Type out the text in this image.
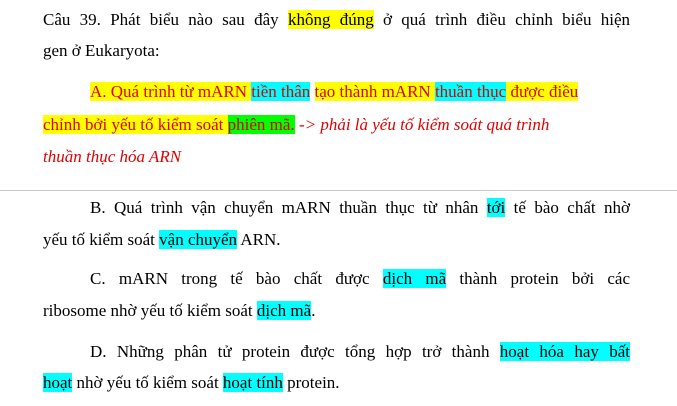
Câu 39. Phát biểu nào sau đây không đúng ở quá trình điều chỉnh biểu hiện
gen ở Eukaryota:
A. Quá trình từ mARN tiền thân tạo thành mARN thuần thục được điều
chỉnh bởi yếu tố kiểm soát phiên mã. -> phải là yếu tố kiểm soát quá trình
thuần thục hóa ARN
B. Quá trình vận chuyển mARN thuần thục từ nhân tới tế bào chất nhờ
yếu tố kiểm soát vận chuyển ARN.
C. mARN trong tế bào chất được dịch mã thành protein bởi các
ribosome nhờ yếu tố kiểm soát dịch mã.
D. Những phân tử protein được tổng hợp trở thành hoạt hóa hay bất
hoạt nhờ yếu tố kiểm soát hoạt tính protein.
